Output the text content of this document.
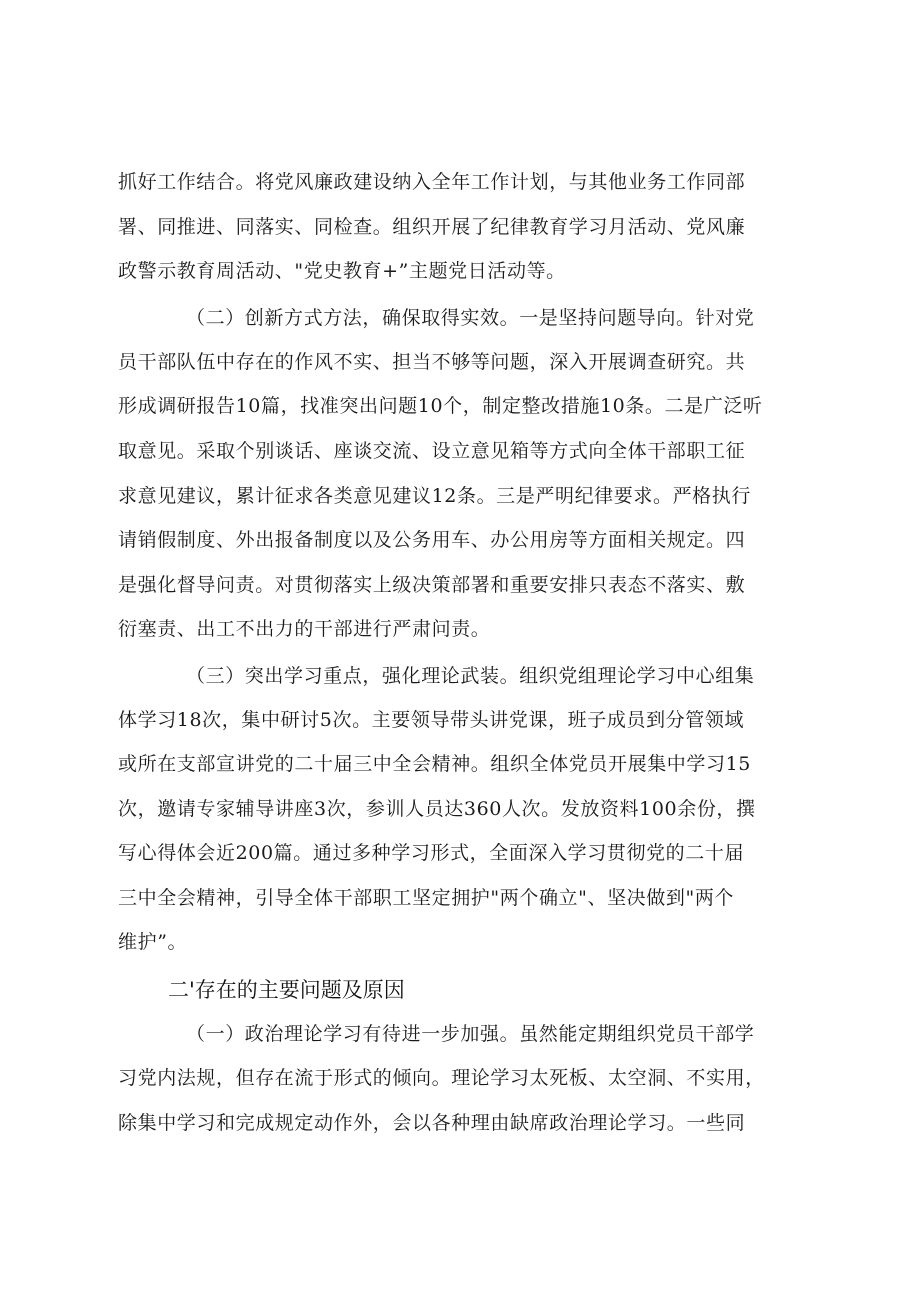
抓好工作结合。将党风廉政建设纳入全年工作计划，与其他业务工作同部
署、同推进、同落实、同检查。组织开展了纪律教育学习月活动、党风廉
政警示教育周活动、"党史教育+”主题党日活动等。
（二）创新方式方法，确保取得实效。一是坚持问题导向。针对党
员干部队伍中存在的作风不实、担当不够等问题，深入开展调查研究。共
形成调研报告10篇，找准突出问题10个，制定整改措施10条。二是广泛听
取意见。采取个别谈话、座谈交流、设立意见箱等方式向全体干部职工征
求意见建议，累计征求各类意见建议12条。三是严明纪律要求。严格执行
请销假制度、外出报备制度以及公务用车、办公用房等方面相关规定。四
是强化督导问责。对贯彻落实上级决策部署和重要安排只表态不落实、敷
衍塞责、出工不出力的干部进行严肃问责。
（三）突出学习重点，强化理论武装。组织党组理论学习中心组集
体学习18次，集中研讨5次。主要领导带头讲党课，班子成员到分管领域
或所在支部宣讲党的二十届三中全会精神。组织全体党员开展集中学习15
次，邀请专家辅导讲座3次，参训人员达360人次。发放资料100余份，撰
写心得体会近200篇。通过多种学习形式，全面深入学习贯彻党的二十届
三中全会精神，引导全体干部职工坚定拥护"两个确立"、坚决做到"两个
维护”。
二'存在的主要问题及原因
（一）政治理论学习有待进一步加强。虽然能定期组织党员干部学
习党内法规，但存在流于形式的倾向。理论学习太死板、太空洞、不实用，
除集中学习和完成规定动作外，会以各种理由缺席政治理论学习。一些同
